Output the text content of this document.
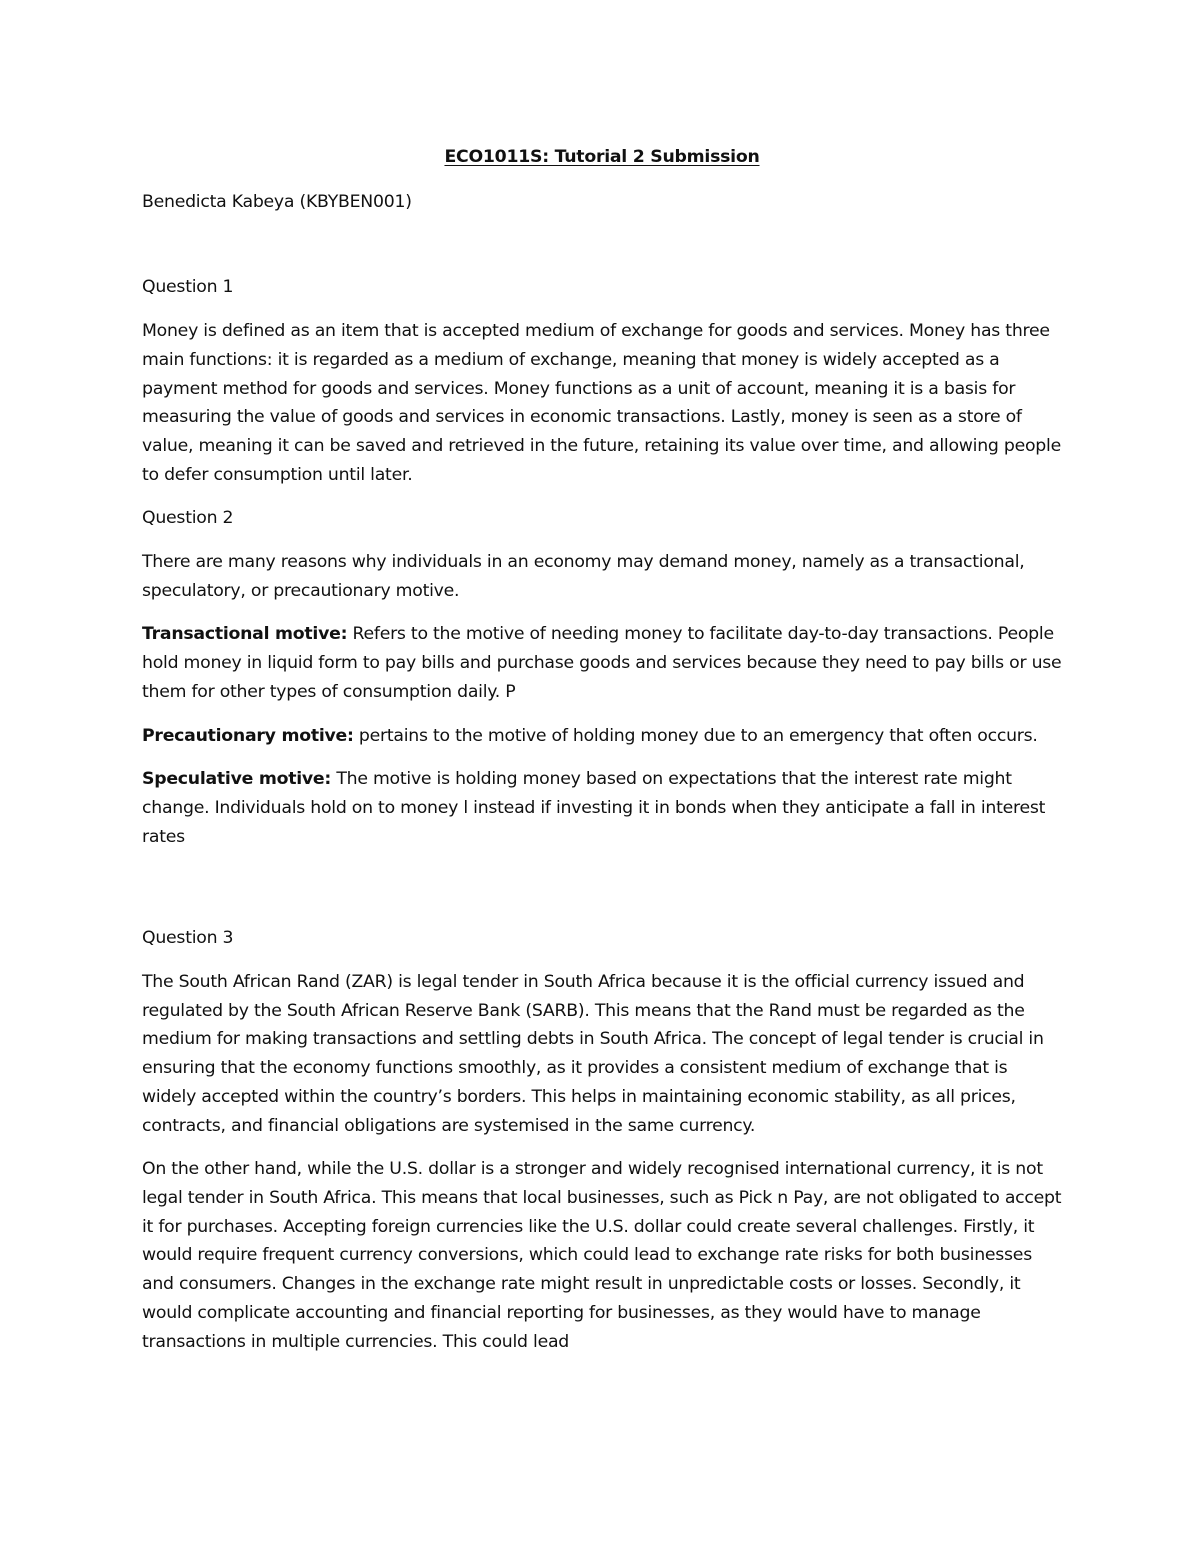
ECO1011S: Tutorial 2 Submission
Benedicta Kabeya (KBYBEN001)
Question 1

Money is defined as an item that is accepted medium of exchange for goods and services. Money has three main functions: it is regarded as a medium of exchange, meaning that money is widely accepted as a payment method for goods and services. Money functions as a unit of account, meaning it is a basis for measuring the value of goods and services in economic transactions. Lastly, money is seen as a store of value, meaning it can be saved and retrieved in the future, retaining its value over time, and allowing people to defer consumption until later.

Question 2

There are many reasons why individuals in an economy may demand money, namely as a transactional, speculatory, or precautionary motive.

Transactional motive: Refers to the motive of needing money to facilitate day-to-day transactions. People hold money in liquid form to pay bills and purchase goods and services because they need to pay bills or use them for other types of consumption daily. P

Precautionary motive: pertains to the motive of holding money due to an emergency that often occurs.

Speculative motive: The motive is holding money based on expectations that the interest rate might change. Individuals hold on to money l instead if investing it in bonds when they anticipate a fall in interest rates

Question 3

The South African Rand (ZAR) is legal tender in South Africa because it is the official currency issued and regulated by the South African Reserve Bank (SARB). This means that the Rand must be regarded as the medium for making transactions and settling debts in South Africa. The concept of legal tender is crucial in ensuring that the economy functions smoothly, as it provides a consistent medium of exchange that is widely accepted within the country’s borders. This helps in maintaining economic stability, as all prices, contracts, and financial obligations are systemised in the same currency.

On the other hand, while the U.S. dollar is a stronger and widely recognised international currency, it is not legal tender in South Africa. This means that local businesses, such as Pick n Pay, are not obligated to accept it for purchases. Accepting foreign currencies like the U.S. dollar could create several challenges. Firstly, it would require frequent currency conversions, which could lead to exchange rate risks for both businesses and consumers. Changes in the exchange rate might result in unpredictable costs or losses. Secondly, it would complicate accounting and financial reporting for businesses, as they would have to manage transactions in multiple currencies. This could lead
